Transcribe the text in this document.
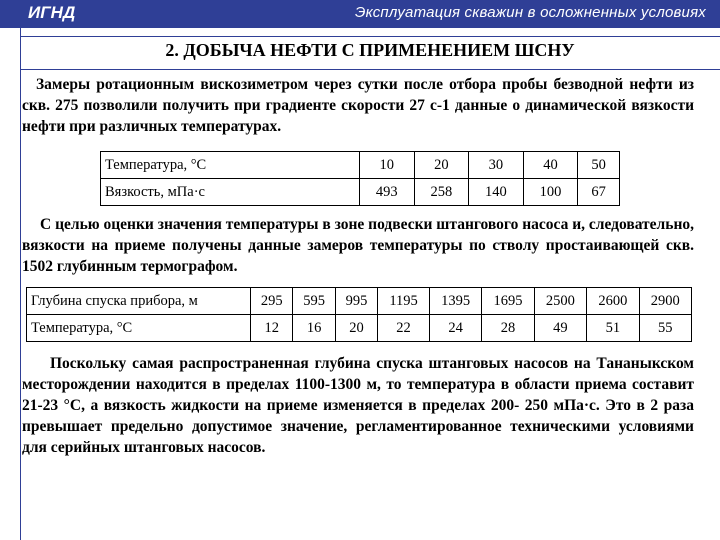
ИГНД	Эксплуатация скважин в осложненных условиях
2. ДОБЫЧА НЕФТИ С ПРИМЕНЕНИЕМ ШСНУ
Замеры ротационным вискозиметром через сутки после отбора пробы безводной нефти из скв. 275 позволили получить при градиенте скорости 27 с-1 данные о динамической вязкости нефти при различных температурах.
Температура, °С	10	20	30	40	50
Вязкость, мПа·с	493	258	140	100	67
С целью оценки значения температуры в зоне подвески штангового насоса и, следовательно, вязкости на приеме получены данные замеров температуры по стволу простаивающей скв. 1502 глубинным термографом.
Глубина спуска прибора, м	295	595	995	1195	1395	1695	2500	2600	2900
Температура, °С	12	16	20	22	24	28	49	51	55
Поскольку самая распространенная глубина спуска штанговых насосов на Тананыкском месторождении находится в пределах 1100-1300 м, то температура в области приема составит 21-23 °С, а вязкость жидкости на приеме изменяется в пределах 200- 250 мПа·с. Это в 2 раза превышает предельно допустимое значение, регламентированное техническими условиями для серийных штанговых насосов.
